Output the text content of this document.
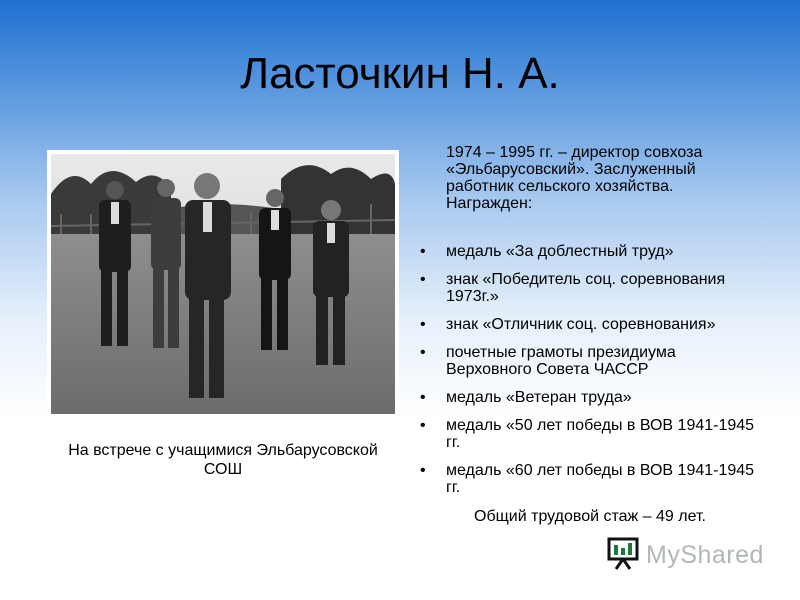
Ласточкин Н. А.
На встрече с учащимися Эльбарусовской СОШ
1974 – 1995 гг. – директор совхоза «Эльбарусовский». Заслуженный работник сельского хозяйства. Награжден:
• медаль «За доблестный труд»
• знак «Победитель соц. соревнования 1973г.»
• знак «Отличник соц. соревнования»
• почетные грамоты президиума Верховного Совета ЧАССР
• медаль «Ветеран труда»
• медаль «50 лет победы в ВОВ 1941-1945 гг.
• медаль «60 лет победы в ВОВ 1941-1945 гг.
Общий трудовой стаж – 49 лет.
MyShared
